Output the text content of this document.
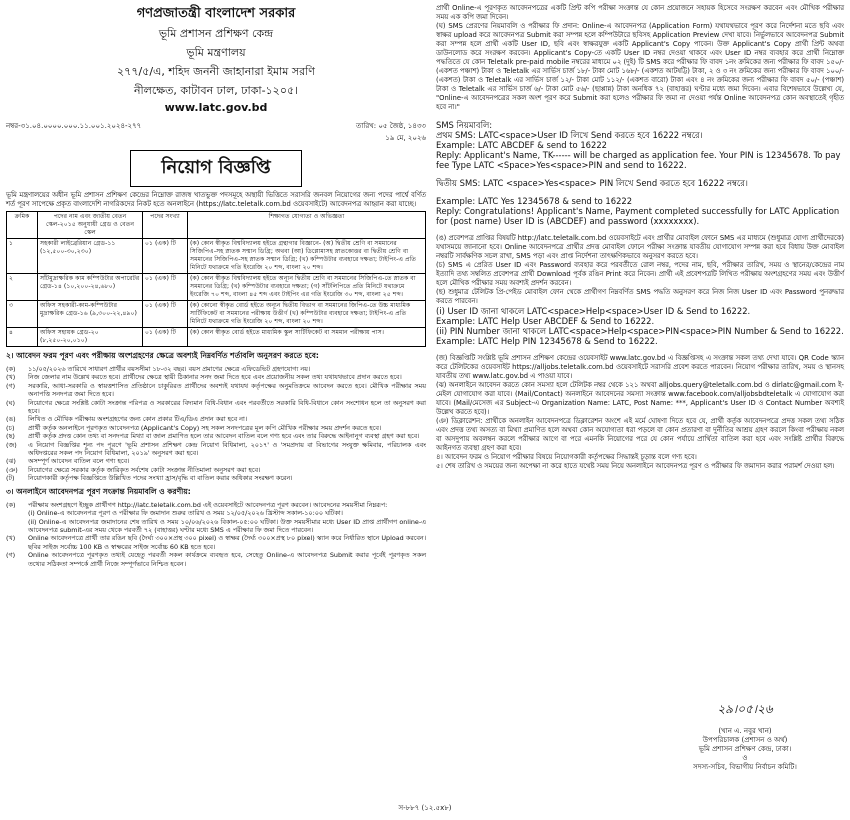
গণপ্রজাতন্ত্রী বাংলাদেশ সরকার
ভূমি প্রশাসন প্রশিক্ষণ কেন্দ্র
ভূমি মন্ত্রণালয়
২৭৭/৫/এ, শহিদ জননী জাহানারা ইমাম সরণি
নীলক্ষেত, কাটাবন ঢাল, ঢাকা-১২০৫।
www.latc.gov.bd
নম্বর-৩১.০৪.০০০০.০০০.১১.০০১.২০২৪-২৭৭	তারিখ: ০৫ জৈষ্ঠ, ১৪৩৩
১৯ মে, ২০২৬
নিয়োগ বিজ্ঞপ্তি

ভূমি মন্ত্রণালয়ের অধীন ভূমি প্রশাসন প্রশিক্ষণ কেন্দ্রের নিম্নোক্ত রাজস্ব খাতভুক্ত পদসমূহে অস্থায়ী ভিত্তিতে সরাসরি জনবল নিয়োগের জন্য পদের পার্শ্বে বর্ণিত শর্ত পূরণ সাপেক্ষে প্রকৃত বাংলাদেশি নাগরিকদের নিকট হতে অনলাইনে (https://latc.teletalk.com.bd ওয়েবসাইটে) আবেদনপত্র আহ্বান করা যাচ্ছে।

ক্রমিক	পদের নাম এবং জাতীয় বেতন স্কেল-২০১৫ অনুযায়ী গ্রেড ও বেতন স্কেল	পদের সংখ্যা	শিক্ষাগত যোগ্যতা ও অভিজ্ঞতা
১	সহকারী লাইব্রেরিয়ান গ্রেড-১১ (১২,৫০০-৩০,২৩০)	০১ (এক) টি	(ক) কোন স্বীকৃত বিশ্ববিদ্যালয় হইতে গ্রন্থাগার বিজ্ঞানে- (অ) দ্বিতীয় শ্রেণি বা সমমানের সিজিপিএ-সহ স্নাতক সম্মান ডিগ্রি; অথবা (আ) ডিপ্লোমাসহ স্নাতকোত্তর বা দ্বিতীয় শ্রেণি বা সমমানের সিজিপিএ-সহ স্নাতক সম্মান ডিগ্রি; (খ) কম্পিউটার ব্যবহারে দক্ষতা; টাইপিং-এ প্রতি মিনিটে যথাক্রমে গতি ইংরেজি ২০ শব্দ, বাংলা ২০ শব্দ।
২	সাঁটমুদ্রাক্ষরিক কাম কম্পিউটার অপারেটর গ্রেড-১৪ (১০,২০০-২৪,৬৮০)	০১ (এক) টি	(ক) কোন স্বীকৃত বিশ্ববিদ্যালয় হইতে অন্যূন দ্বিতীয় শ্রেণি বা সমমানের সিজিপিএ-তে স্নাতক বা সমমানের ডিগ্রি; (খ) কম্পিউটার ব্যবহারে দক্ষতা; (গ) সাঁটলিপিতে প্রতি মিনিটে যথাক্রমে ইংরেজি ৭০ শব্দ, বাংলা ৪৫ শব্দ এবং টাইপিং এর গতি ইংরেজি ৩০ শব্দ, বাংলা ২৫ শব্দ।
৩	অফিস সহকারী-কাম-কম্পিউটার মুদ্রাক্ষরিক গ্রেড-১৬ (৯,৩০০-২২,৪৯০)	০১ (এক) টি	(ক) কোনো স্বীকৃত বোর্ড হইতে অন্যূন দ্বিতীয় বিভাগ বা সমমানের জিপিএ-তে উচ্চ মাধ্যমিক সার্টিফিকেট বা সমমানের পরীক্ষায় উত্তীর্ণ (খ) কম্পিউটার ব্যবহারে দক্ষতা; টাইপিং-এ প্রতি মিনিটে যথাক্রমে গতি ইংরেজি ২০ শব্দ, বাংলা ২০ শব্দ।
৪	অফিস সহায়ক গ্রেড-২০ (৮,২৫০-২০,০১০)	০১ (এক) টি	(ক) কোন স্বীকৃত বোর্ড হইতে মাধ্যমিক স্কুল সার্টিফিকেট বা সমমান পরীক্ষায় পাস।
২। আবেদন ফরম পূরণ এবং পরীক্ষায় অংশগ্রহণের ক্ষেত্রে অবশ্যই নিম্নবর্ণিত শর্তাবলি অনুসরণ করতে হবে:
(ক)	১১/০৫/২০২৬ তারিখে সাধারণ প্রার্থীর বয়সসীমা ১৮-৩২ বছর। বয়স প্রমাণের ক্ষেত্রে এফিডেভিট গ্রহণযোগ্য নয়।
(খ)	নিজ জেলার নাম উল্লেখ করতে হবে। প্রার্থীদের ক্ষেত্রে স্থায়ী ঠিকানার সনদ জমা দিতে হবে এবং প্রয়োজনীয় সকল তথ্য যথাযথভাবে প্রদান করতে হবে।
(গ)	সরকারি, আধা-সরকারি ও স্বায়ত্তশাসিত প্রতিষ্ঠানে চাকুরিরত প্রার্থীদের অবশ্যই যথাযথ কর্তৃপক্ষের অনুমতিক্রমে আবেদন করতে হবে। মৌখিক পরীক্ষার সময় অনাপত্তি সনদপত্র জমা দিতে হবে।
(ঘ)	নিয়োগের ক্ষেত্রে সংশ্লিষ্ট কোটা সংক্রান্ত পরিপত্র ও সরকারের বিদ্যমান বিধি-বিধান এবং পরবর্তীতে সরকারি বিধি-বিধানে কোন সংশোধন হলে তা অনুসরণ করা হবে।
(ঙ)	লিখিত ও মৌখিক পরীক্ষায় অংশগ্রহণের জন্য কোন প্রকার টিএ/ডিএ প্রদান করা হবে না।
(চ)	প্রার্থী কর্তৃক অনলাইনে পূরণকৃত আবেদনপত্র (Applicant's Copy) সহ সকল সনদপত্রের মূল কপি মৌখিক পরীক্ষার সময় প্রদর্শন করতে হবে।
(ছ)	প্রার্থী কর্তৃক প্রদত্ত কোন তথ্য বা সনদপত্র মিথ্যা বা জাল প্রমাণিত হলে তার আবেদন বাতিল বলে গণ্য হবে এবং তার বিরুদ্ধে আইনানুগ ব্যবস্থা গ্রহণ করা হবে।
(জ)	এ নিয়োগ বিজ্ঞপ্তির শূন্য পদ পূরণে 'ভূমি প্রশাসন প্রশিক্ষণ কেন্দ্র নিয়োগ বিধিমালা, ২০১৭' ও 'সমপ্রদায় বা বিভাগের সংযুক্ত ক্ষমিবার, পরিচালক এবং অধিদপ্তরের সকল পদ নিয়োগ বিধিমালা, ২০১৯' অনুসরণ করা হবে।
(ঝ)	অসম্পূর্ণ আবেদন বাতিল বলে গণ্য হবে।
(ঞ)	নিয়োগের ক্ষেত্রে সরকার কর্তৃক জারিকৃত সর্বশেষ কোটা সংক্রান্ত নীতিমালা অনুসরণ করা হবে।
(ট)	নিয়োগকারী কর্তৃপক্ষ বিজ্ঞপ্তিতে উল্লিখিত পদের সংখ্যা হ্রাস/বৃদ্ধি বা বাতিল করার অধিকার সংরক্ষণ করেন।
৩। অনলাইনে আবেদনপত্র পূরণ সংক্রান্ত নিয়মাবলি ও করণীয়:
(ক)	পরীক্ষায় অংশগ্রহণে ইচ্ছুক প্রার্থীগণ http://latc.teletalk.com.bd এই ওয়েবসাইটে আবেদনপত্র পূরণ করবেন। আবেদনের সময়সীমা নিম্নরূপ:
(i) Online-এ আবেদনপত্র পূরণ ও পরীক্ষার ফি জমাদান শুরুর তারিখ ও সময় ১২/০৫/২০২৬ খ্রিস্টাব্দ সকাল-১০:০০ ঘটিকা।
(ii) Online-এ আবেদনপত্র জমাদানের শেষ তারিখ ও সময় ১০/০৬/২০২৬ বিকাল-০৫:০০ ঘটিকা। উক্ত সময়সীমার মধ্যে User ID প্রাপ্ত প্রার্থীগণ online-এ আবেদনপত্র submit-এর সময় থেকে পরবর্তী ৭২ (বাহাত্তর) ঘণ্টার মধ্যে SMS এ পরীক্ষার ফি জমা দিতে পারবেন।
(খ)	Online আবেদনপত্রে প্রার্থী তার রঙিন ছবি (দৈর্ঘ্য ৩০০×প্রস্থ ৩০০ pixel) ও স্বাক্ষর (দৈর্ঘ্য ৩০০×প্রস্থ ৮০ pixel) স্ক্যান করে নির্ধারিত স্থানে Upload করবেন। ছবির সাইজ সর্বোচ্চ 100 KB ও স্বাক্ষরের সাইজ সর্বোচ্চ 60 KB হতে হবে।
(গ)	Online আবেদনপত্রে পূরণকৃত তথ্যই যেহেতু পরবর্তী সকল কার্যক্রমে ব্যবহৃত হবে, সেহেতু Online-এ আবেদনপত্র Submit করার পূর্বেই পূরণকৃত সকল তথ্যের সঠিকতা সম্পর্কে প্রার্থী নিজে সম্পূর্ণভাবে নিশ্চিত হবেন।

প্রার্থী Online-এ পূরণকৃত আবেদনপত্রের একটি প্রিন্ট কপি পরীক্ষা সংক্রান্ত যে কোন প্রয়োজনে সহায়ক হিসেবে সংরক্ষণ করবেন এবং মৌখিক পরীক্ষার সময় এক কপি জমা দিবেন।

(ঘ) SMS প্রেরণের নিয়মাবলি ও পরীক্ষার ফি প্রদান: Online-এ আবেদনপত্র (Application Form) যথাযথভাবে পূরণ করে নির্দেশনা মতে ছবি এবং স্বাক্ষর upload করে আবেদনপত্র Submit করা সম্পন্ন হলে কম্পিউটারে ছবিসহ Application Preview দেখা যাবে। নির্ভুলভাবে আবেদনপত্র Submit করা সম্পন্ন হলে প্রার্থী একটি User ID, ছবি এবং স্বাক্ষরযুক্ত একটি Applicant's Copy পাবেন। উক্ত Applicant's Copy প্রার্থী প্রিন্ট অথবা ডাউনলোড করে সংরক্ষণ করবেন। Applicant's Copy-তে একটি User ID নম্বর দেওয়া থাকবে এবং User ID নম্বর ব্যবহার করে প্রার্থী নিম্নোক্ত পদ্ধতিতে যে কোন Teletalk pre-paid mobile নম্বরের মাধ্যমে ০২ (দুই) টি SMS করে পরীক্ষার ফি বাবদ ১নং ক্রমিকের জন্য পরীক্ষার ফি বাবদ ১৫০/- (একশত পঞ্চাশ) টাকা ও Teletalk এর সার্ভিস চার্জ ১৮/- টাকা মোট ১৬৮/- (একশত আটষট্টি) টাকা, ২ ও ৩ নং ক্রমিকের জন্য পরীক্ষার ফি বাবদ ১০০/- (একশত) টাকা ও Teletalk এর সার্ভিস চার্জ ১২/- টাকা মোট ১১২/- (একশত বারো) টাকা এবং ৪ নং ক্রমিকের জন্য পরীক্ষার ফি বাবদ ৫০/- (পঞ্চাশ) টাকা ও Teletalk এর সার্ভিস চার্জ ৬/- টাকা মোট ৫৬/- (ছাপ্পান্ন) টাকা অনধিক ৭২ (বাহাত্তর) ঘণ্টার মধ্যে জমা দিবেন। এবার বিশেষভাবে উল্লেখ্য যে, "Online-এ আবেদনপত্রের সকল অংশ পূরণ করে Submit করা হলেও পরীক্ষার ফি জমা না দেওয়া পর্যন্ত Online আবেদনপত্র কোন অবস্থাতেই গৃহীত হবে না।"

SMS নিয়মাবলি:

প্রথম SMS: LATC<space>User ID লিখে Send করতে হবে 16222 নম্বরে।

Example: LATC ABCDEF & send to 16222

Reply: Applicant's Name, TK------ will be charged as application fee. Your PIN is 12345678. To pay fee Type LATC <Space>Yes<space>PIN and send to 16222.

দ্বিতীয় SMS: LATC <space>Yes<space> PIN লিখে Send করতে হবে 16222 নম্বরে।

Example: LATC Yes 12345678 & send to 16222

Reply: Congratulations! Applicant's Name, Payment completed successfully for LATC Application for (post name) User ID is (ABCDEF) and password (xxxxxxxx).

(ঙ) প্রবেশপত্র প্রাপ্তির বিষয়টি http://latc.teletalk.com.bd ওয়েবসাইটে এবং প্রার্থীর মোবাইল ফোনে SMS এর মাধ্যমে (শুধুমাত্র যোগ্য প্রার্থীদেরকে) যথাসময়ে জানানো হবে। Online আবেদনপত্রে প্রার্থীর প্রদত্ত মোবাইল ফোনে পরীক্ষা সংক্রান্ত যাবতীয় যোগাযোগ সম্পন্ন করা হবে বিধায় উক্ত মোবাইল নম্বরটি সার্বক্ষণিক সচল রাখা, SMS পড়া এবং প্রাপ্ত নির্দেশনা তাৎক্ষণিকভাবে অনুসরণ করতে হবে।

(চ) SMS এ প্রেরিত User ID এবং Password ব্যবহার করে পরবর্তীতে রোল নম্বর, পদের নাম, ছবি, পরীক্ষার তারিখ, সময় ও স্থানের/কেন্দ্রের নাম ইত্যাদি তথ্য সম্বলিত প্রবেশপত্র প্রার্থী Download পূর্বক রঙিন Print করে নিবেন। প্রার্থী এই প্রবেশপত্রটি লিখিত পরীক্ষায় অংশগ্রহণের সময় এবং উত্তীর্ণ হলে মৌখিক পরীক্ষার সময় অবশ্যই প্রদর্শন করবেন।

(ছ) শুধুমাত্র টেলিটক প্রি-পেইড মোবাইল ফোন থেকে প্রার্থীগণ নিম্নবর্ণিত SMS পদ্ধতি অনুসরণ করে নিজ নিজ User ID এবং Password পুনরুদ্ধার করতে পারবেন।

(i) User ID জানা থাকলে LATC<space>Help<space>User ID & Send to 16222.

Example: LATC Help User ABCDEF & Send to 16222.

(ii) PIN Number জানা থাকলে LATC<space>Help<space>PIN<space>PIN Number & Send to 16222.

Example: LATC Help PIN 12345678 & Send to 16222.

(জ) বিজ্ঞপ্তিটি সংশ্লিষ্ট ভূমি প্রশাসন প্রশিক্ষণ কেন্দ্রের ওয়েবসাইট www.latc.gov.bd এ বিজ্ঞপ্তিসহ এ সংক্রান্ত সকল তথ্য দেখা যাবে। QR Code স্ক্যান করে টেলিটকের ওয়েবসাইট https://alljobs.teletalk.com.bd ওয়েবসাইটে সরাসরি প্রবেশ করতে পারবেন। নিয়োগ পরীক্ষার তারিখ, সময় ও স্থানসহ যাবতীয় তথ্য www.latc.gov.bd এ পাওয়া যাবে।

(ঝ) অনলাইনে আবেদন করতে কোন সমস্যা হলে টেলিটক নম্বর থেকে ১২১ অথবা alljobs.query@teletalk.com.bd ও dirlatc@gmail.com ই-মেইল যোগাযোগ করা যাবে। (Mail/Contact) অনলাইনে আবেদনের সমস্যা সংক্রান্ত www.facebook.com/alljobsbdteletalk এ যোগাযোগ করা যাবে। (Mail/মেসেজ এর Subject-এ Organization Name: LATC, Post Name: ***, Applicant's User ID ও Contact Number অবশ্যই উল্লেখ করতে হবে)।

(ঞ) ডিক্লারেশন: প্রার্থীকে অনলাইন আবেদনপত্রে ডিক্লারেশন অংশে এই মর্মে ঘোষণা দিতে হবে যে, প্রার্থী কর্তৃক আবেদনপত্রে প্রদত্ত সকল তথ্য সঠিক এবং প্রদত্ত তথ্য অসত্য বা মিথ্যা প্রমাণিত হলে অথবা কোন অযোগ্যতা ধরা পড়লে বা কোন প্রতারণা বা দুর্নীতির আশ্রয় গ্রহণ করলে কিংবা পরীক্ষায় নকল বা অসদুপায় অবলম্বন করলে পরীক্ষার আগে বা পরে এমনকি নিয়োগের পরে যে কোন পর্যায়ে প্রার্থিতা বাতিল করা হবে এবং সংশ্লিষ্ট প্রার্থীর বিরুদ্ধে আইনগত ব্যবস্থা গ্রহণ করা হবে।

৪। আবেদন ফরম ও নিয়োগ পরীক্ষার বিষয়ে নিয়োগকারী কর্তৃপক্ষের সিদ্ধান্তই চূড়ান্ত বলে গণ্য হবে।

৫। শেষ তারিখ ও সময়ের জন্য অপেক্ষা না করে হাতে যথেষ্ট সময় নিয়ে অনলাইনে আবেদনপত্র পূরণ ও পরীক্ষার ফি জমাদান করার পরামর্শ দেওয়া হল।

২৯।০৫।২৬
(খান এ. নবুর খান)
উপপরিচালক (প্রশাসন ও অর্থ)
ভূমি প্রশাসন প্রশিক্ষণ কেন্দ্র, ঢাকা।
ও
সদস্য-সচিব, বিভাগীয় নির্বাচন কমিটি।
স-৮৮৭ (১২.৫x৮)
